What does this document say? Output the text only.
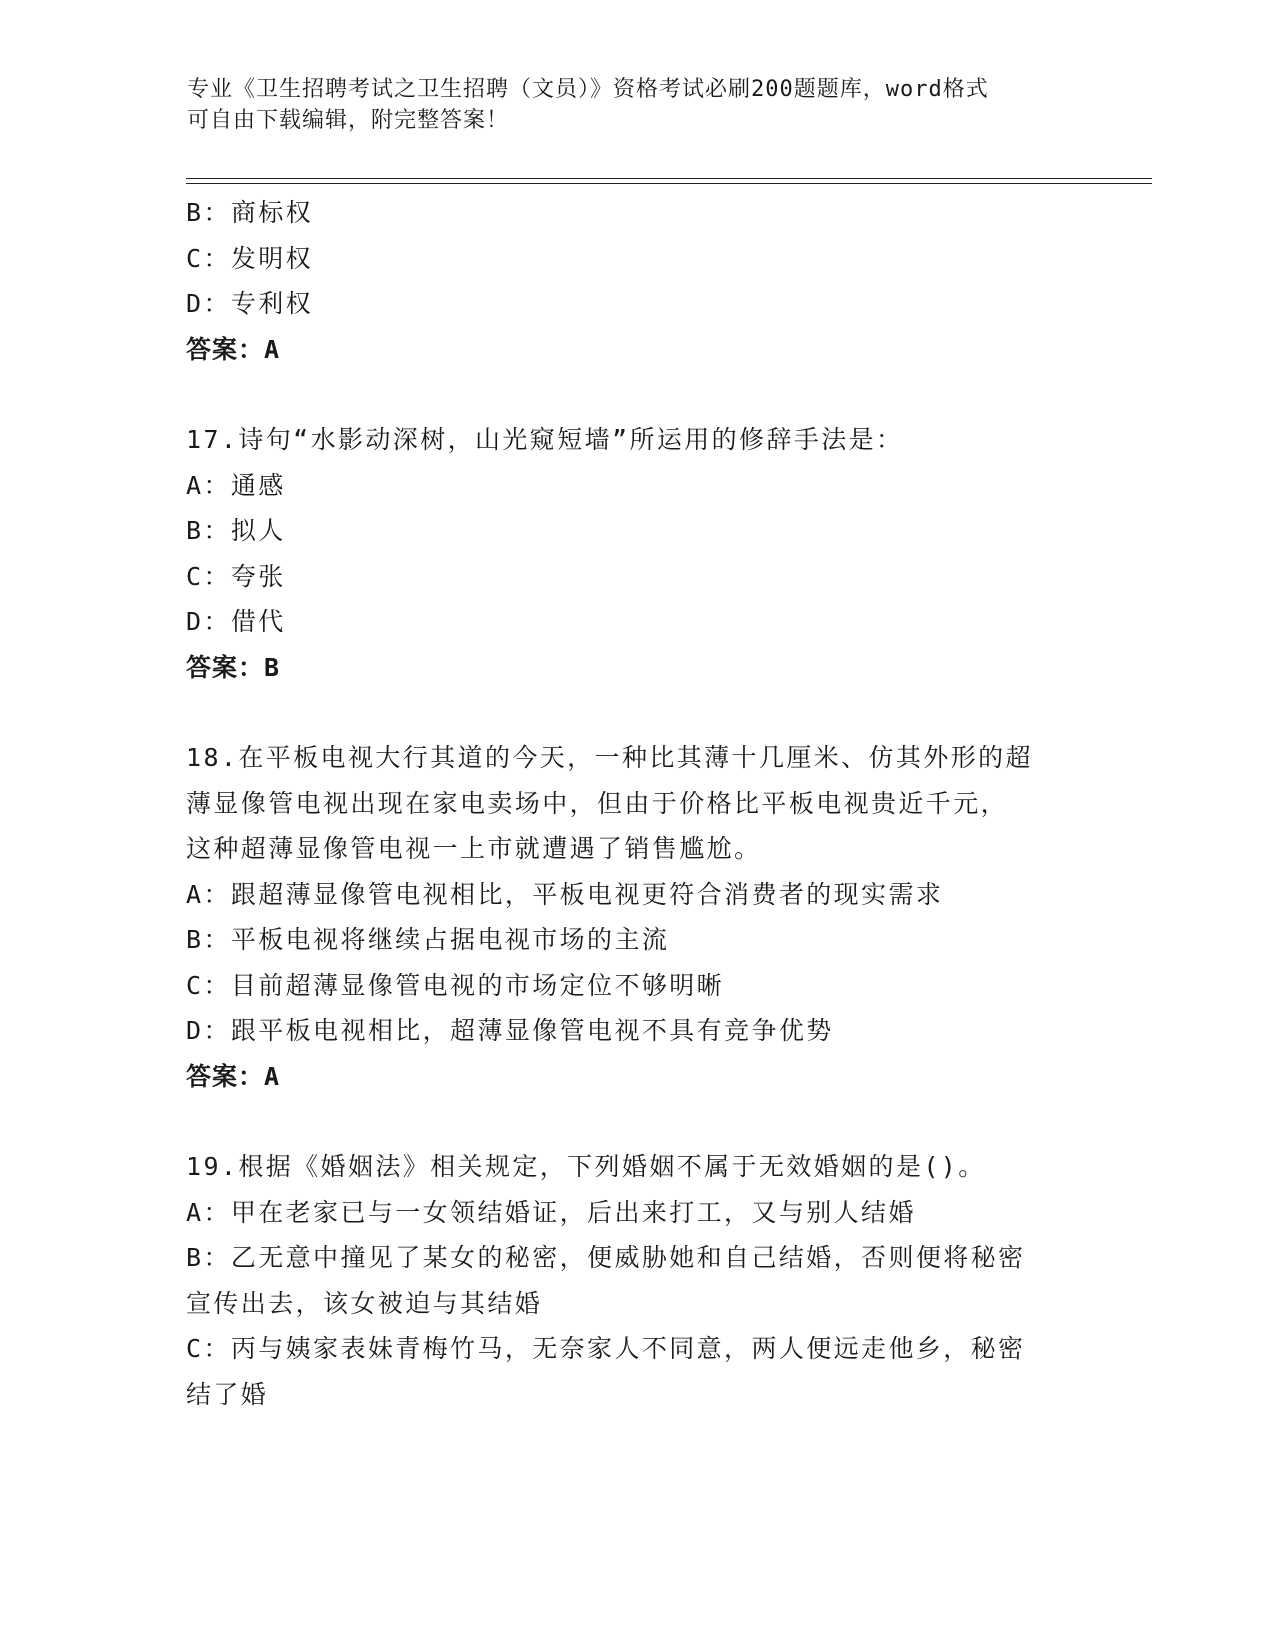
专业《卫生招聘考试之卫生招聘（文员）》资格考试必刷200题题库，word格式
可自由下载编辑，附完整答案！
B：商标权
C：发明权
D：专利权
答案：A
17.诗句“水影动深树，山光窥短墙”所运用的修辞手法是：
A：通感
B：拟人
C：夸张
D：借代
答案：B
18.在平板电视大行其道的今天，一种比其薄十几厘米、仿其外形的超
薄显像管电视出现在家电卖场中，但由于价格比平板电视贵近千元，
这种超薄显像管电视一上市就遭遇了销售尴尬。
A：跟超薄显像管电视相比，平板电视更符合消费者的现实需求
B：平板电视将继续占据电视市场的主流
C：目前超薄显像管电视的市场定位不够明晰
D：跟平板电视相比，超薄显像管电视不具有竞争优势
答案：A
19.根据《婚姻法》相关规定，下列婚姻不属于无效婚姻的是()。
A：甲在老家已与一女领结婚证，后出来打工，又与别人结婚
B：乙无意中撞见了某女的秘密，便威胁她和自己结婚，否则便将秘密
宣传出去，该女被迫与其结婚
C：丙与姨家表妹青梅竹马，无奈家人不同意，两人便远走他乡，秘密
结了婚
